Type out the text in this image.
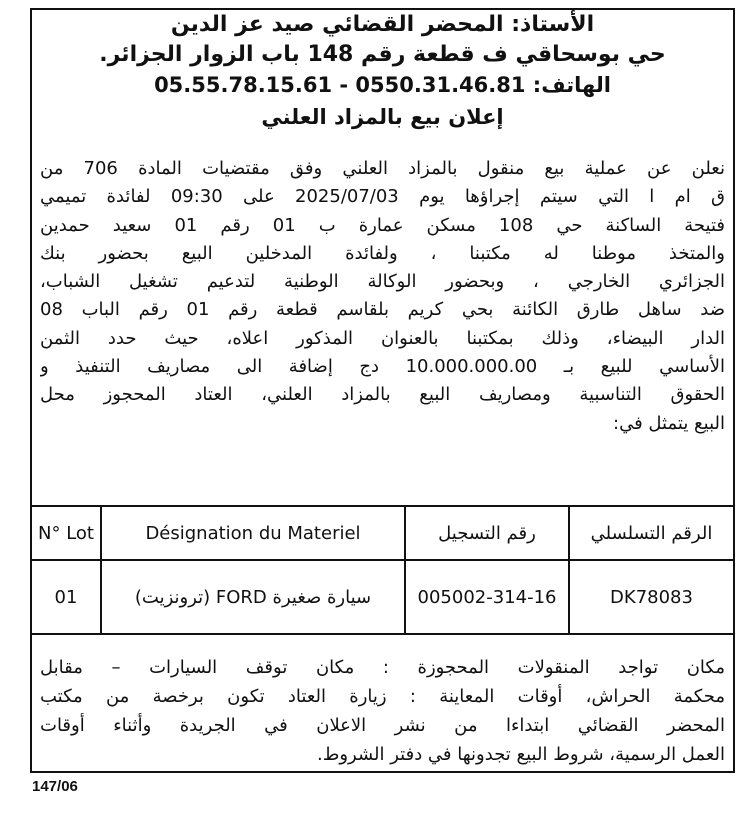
الأستاذ: المحضر القضائي صيد عز الدين
حي بوسحاقي ف قطعة رقم 148 باب الزوار الجزائر.
الهاتف: 05.55.78.15.61 - 0550.31.46.81
إعلان بيع بالمزاد العلني
نعلن عن عملية بيع منقول بالمزاد العلني وفق مقتضيات المادة 706 من
ق ام ا التي سيتم إجراؤها يوم 2025/07/03 على 09:30 لفائدة تميمي
فتيحة الساكنة حي 108 مسكن عمارة ب 01 رقم 01 سعيد حمدين
والمتخذ موطنا له مكتبنا ، ولفائدة المدخلين البيع بحضور بنك
الجزائري الخارجي ، وبحضور الوكالة الوطنية لتدعيم تشغيل الشباب،
ضد ساهل طارق الكائنة بحي كريم بلقاسم قطعة رقم 01 رقم الباب 08
الدار البيضاء، وذلك بمكتبنا بالعنوان المذكور اعلاه، حيث حدد الثمن
الأساسي للبيع بـ 10.000.000.00 دج إضافة الى مصاريف التنفيذ و
الحقوق التناسبية ومصاريف البيع بالمزاد العلني، العتاد المحجوز محل
البيع يتمثل في:
N° Lot	Désignation du Materiel	رقم التسجيل	الرقم التسلسلي
01	سيارة صغيرة FORD (ترونزيت)	005002-314-16	DK78083
مكان تواجد المنقولات المحجوزة : مكان توقف السيارات – مقابل
محكمة الحراش، أوقات المعاينة : زيارة العتاد تكون برخصة من مكتب
المحضر القضائي ابتداءا من نشر الاعلان في الجريدة وأثناء أوقات
العمل الرسمية، شروط البيع تجدونها في دفتر الشروط.
147/06
